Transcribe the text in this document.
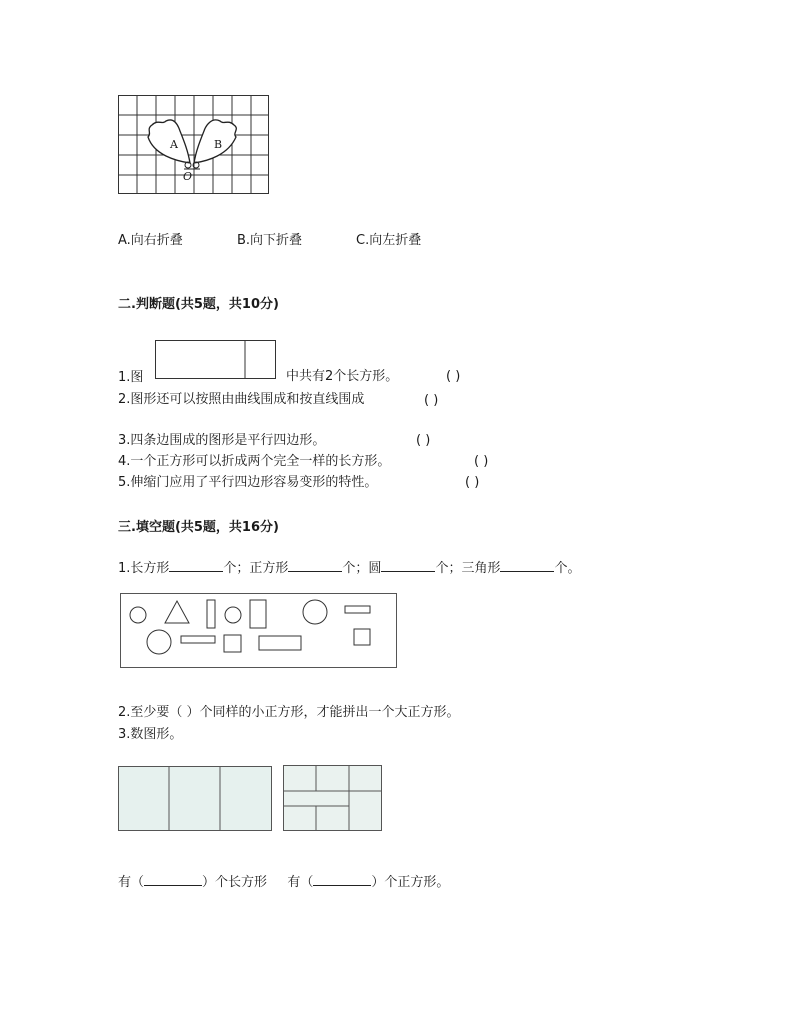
A	B
O
A.向右折叠	B.向下折叠	C.向左折叠
二.判断题(共5题，共10分)
1.图	中共有2个长方形。	( )
2.图形还可以按照由曲线围成和按直线围成	( )
3.四条边围成的图形是平行四边形。	( )
4.一个正方形可以折成两个完全一样的长方形。	( )
5.伸缩门应用了平行四边形容易变形的特性。	( )
三.填空题(共5题，共16分)
1.长方形	个；正方形	个；圆	个；三角形	个。
2.至少要（ ）个同样的小正方形，才能拼出一个大正方形。
3.数图形。
有（	）个长方形 有（	）个正方形。
